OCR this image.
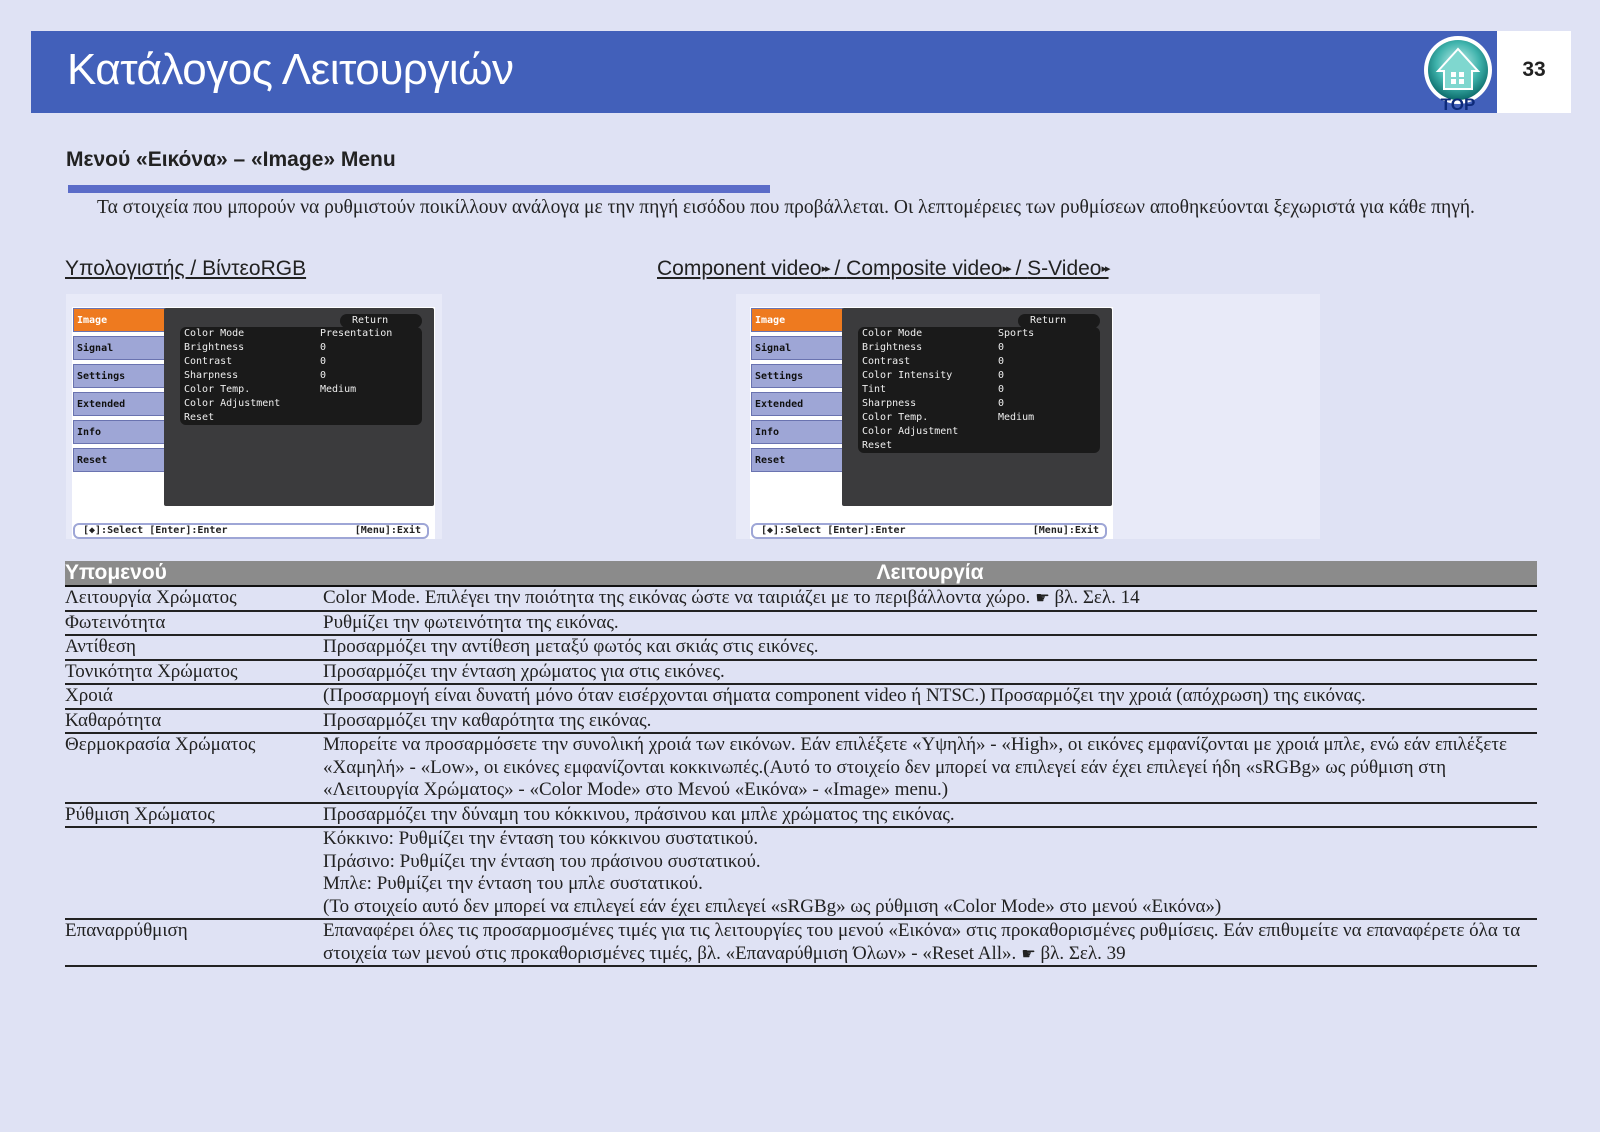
Κατάλογος Λειτουργιών
TOP
33
Μενού «Εικόνα» – «Image» Menu
Τα στοιχεία που μπορούν να ρυθμιστούν ποικίλλουν ανάλογα με την πηγή εισόδου που προβάλλεται. Οι λεπτομέρειες των ρυθμίσεων αποθηκεύονται ξεχωριστά για κάθε πηγή.
Υπολογιστής / ΒίντεοRGB	Component video▸▸ / Composite video▸▸ / S-Video▸▸
Image
Signal
Settings
Extended
Info
Reset
Return
Color Mode	Presentation
Brightness	0
Contrast	0
Sharpness	0
Color Temp.	Medium
Color Adjustment
Reset
[◆]:Select [Enter]:Enter	[Menu]:Exit
Image
Signal
Settings
Extended
Info
Reset
Return
Color Mode	Sports
Brightness	0
Contrast	0
Color Intensity	0
Tint	0
Sharpness	0
Color Temp.	Medium
Color Adjustment
Reset
[◆]:Select [Enter]:Enter	[Menu]:Exit
Υπομενού	Λειτουργία
Λειτουργία Χρώματος	Color Mode. Επιλέγει την ποιότητα της εικόνας ώστε να ταιριάζει με το περιβάλλοντα χώρο. ☛ βλ. Σελ. 14
Φωτεινότητα	Ρυθμίζει την φωτεινότητα της εικόνας.
Αντίθεση	Προσαρμόζει την αντίθεση μεταξύ φωτός και σκιάς στις εικόνες.
Τονικότητα Χρώματος	Προσαρμόζει την ένταση χρώματος για στις εικόνες.
Χροιά	(Προσαρμογή είναι δυνατή μόνο όταν εισέρχονται σήματα component video ή NTSC.) Προσαρμόζει την χροιά (απόχρωση) της εικόνας.
Καθαρότητα	Προσαρμόζει την καθαρότητα της εικόνας.
Θερμοκρασία Χρώματος	Μπορείτε να προσαρμόσετε την συνολική χροιά των εικόνων. Εάν επιλέξετε «Υψηλή» - «High», οι εικόνες εμφανίζονται με χροιά μπλε, ενώ εάν επιλέξετε «Χαμηλή» - «Low», οι εικόνες εμφανίζονται κοκκινωπές.(Αυτό το στοιχείο δεν μπορεί να επιλεγεί εάν έχει επιλεγεί ήδη «sRGBg» ως ρύθμιση στη «Λειτουργία Χρώματος» - «Color Mode» στο Μενού «Εικόνα» - «Image» menu.)
Ρύθμιση Χρώματος	Προσαρμόζει την δύναμη του κόκκινου, πράσινου και μπλε χρώματος της εικόνας.

	Κόκκινο: Ρυθμίζει την ένταση του κόκκινου συστατικού.
Πράσινο: Ρυθμίζει την ένταση του πράσινου συστατικού.
Μπλε: Ρυθμίζει την ένταση του μπλε συστατικού.
(Το στοιχείο αυτό δεν μπορεί να επιλεγεί εάν έχει επιλεγεί «sRGBg» ως ρύθμιση «Color Mode» στο μενού «Εικόνα»)

Επαναρρύθμιση	Επαναφέρει όλες τις προσαρμοσμένες τιμές για τις λειτουργίες του μενού «Εικόνα» στις προκαθορισμένες ρυθμίσεις. Εάν επιθυμείτε να επαναφέρετε όλα τα στοιχεία των μενού στις προκαθορισμένες τιμές, βλ. «Επαναρύθμιση Όλων» - «Reset All». ☛ βλ. Σελ. 39
